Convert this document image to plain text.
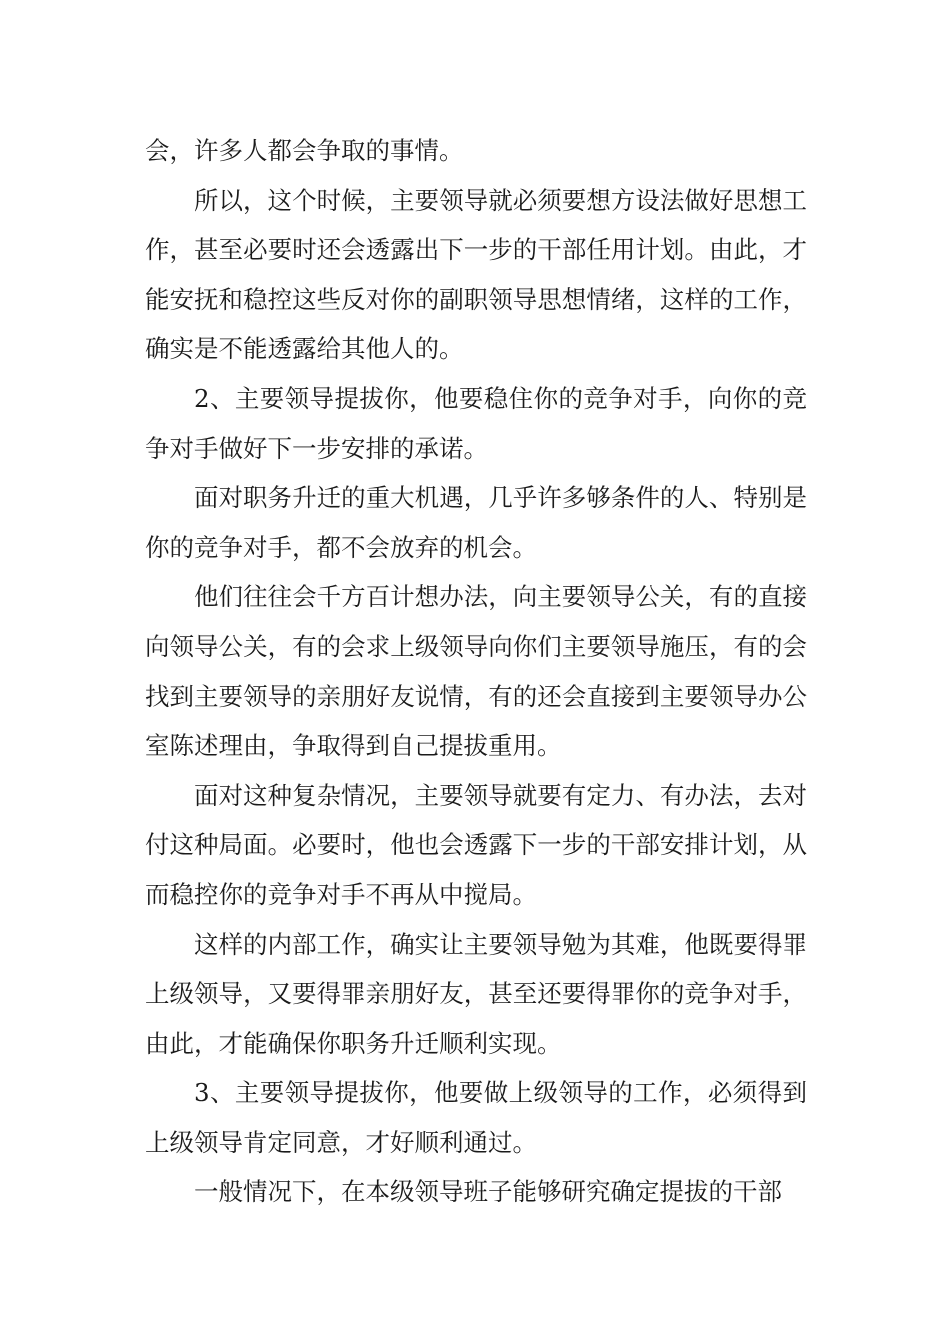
会，许多人都会争取的事情。

所以，这个时候，主要领导就必须要想方设法做好思想工作，甚至必要时还会透露出下一步的干部任用计划。由此，才能安抚和稳控这些反对你的副职领导思想情绪，这样的工作，确实是不能透露给其他人的。

2、主要领导提拔你，他要稳住你的竞争对手，向你的竞争对手做好下一步安排的承诺。

面对职务升迁的重大机遇，几乎许多够条件的人、特别是你的竞争对手，都不会放弃的机会。

他们往往会千方百计想办法，向主要领导公关，有的直接向领导公关，有的会求上级领导向你们主要领导施压，有的会找到主要领导的亲朋好友说情，有的还会直接到主要领导办公室陈述理由，争取得到自己提拔重用。

面对这种复杂情况，主要领导就要有定力、有办法，去对付这种局面。必要时，他也会透露下一步的干部安排计划，从而稳控你的竞争对手不再从中搅局。

这样的内部工作，确实让主要领导勉为其难，他既要得罪上级领导，又要得罪亲朋好友，甚至还要得罪你的竞争对手，由此，才能确保你职务升迁顺利实现。

3、主要领导提拔你，他要做上级领导的工作，必须得到上级领导肯定同意，才好顺利通过。

一般情况下，在本级领导班子能够研究确定提拔的干部
